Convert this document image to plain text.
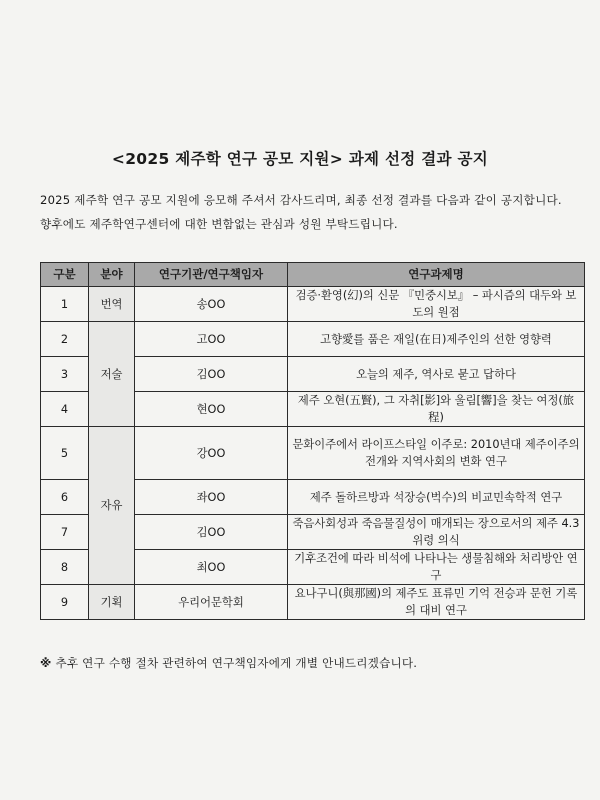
<2025 제주학 연구 공모 지원> 과제 선정 결과 공지
2025 제주학 연구 공모 지원에 응모해 주셔서 감사드리며, 최종 선정 결과를 다음과 같이 공지합니다. 향후에도 제주학연구센터에 대한 변함없는 관심과 성원 부탁드립니다.
구분	분야	연구기관/연구책임자	연구과제명
1	번역	송OO	검증·환영(幻)의 신문 『민중시보』 – 파시즘의 대두와 보도의 원점
2	저술	고OO	고향愛를 품은 재일(在日)제주인의 선한 영향력
3		김OO	오늘의 제주, 역사로 묻고 답하다
4		현OO	제주 오현(五賢), 그 자취[影]와 울림[響]을 찾는 여정(旅程)
5	자유	강OO	문화이주에서 라이프스타일 이주로: 2010년대 제주이주의 전개와 지역사회의 변화 연구
6		좌OO	제주 돌하르방과 석장승(벅수)의 비교민속학적 연구
7		김OO	죽음사회성과 죽음물질성이 매개되는 장으로서의 제주 4.3 위령 의식
8		최OO	기후조건에 따라 비석에 나타나는 생물침해와 처리방안 연구
9	기획	우리어문학회	요나구니(與那國)의 제주도 표류민 기억 전승과 문헌 기록의 대비 연구
※ 추후 연구 수행 절차 관련하여 연구책임자에게 개별 안내드리겠습니다.
